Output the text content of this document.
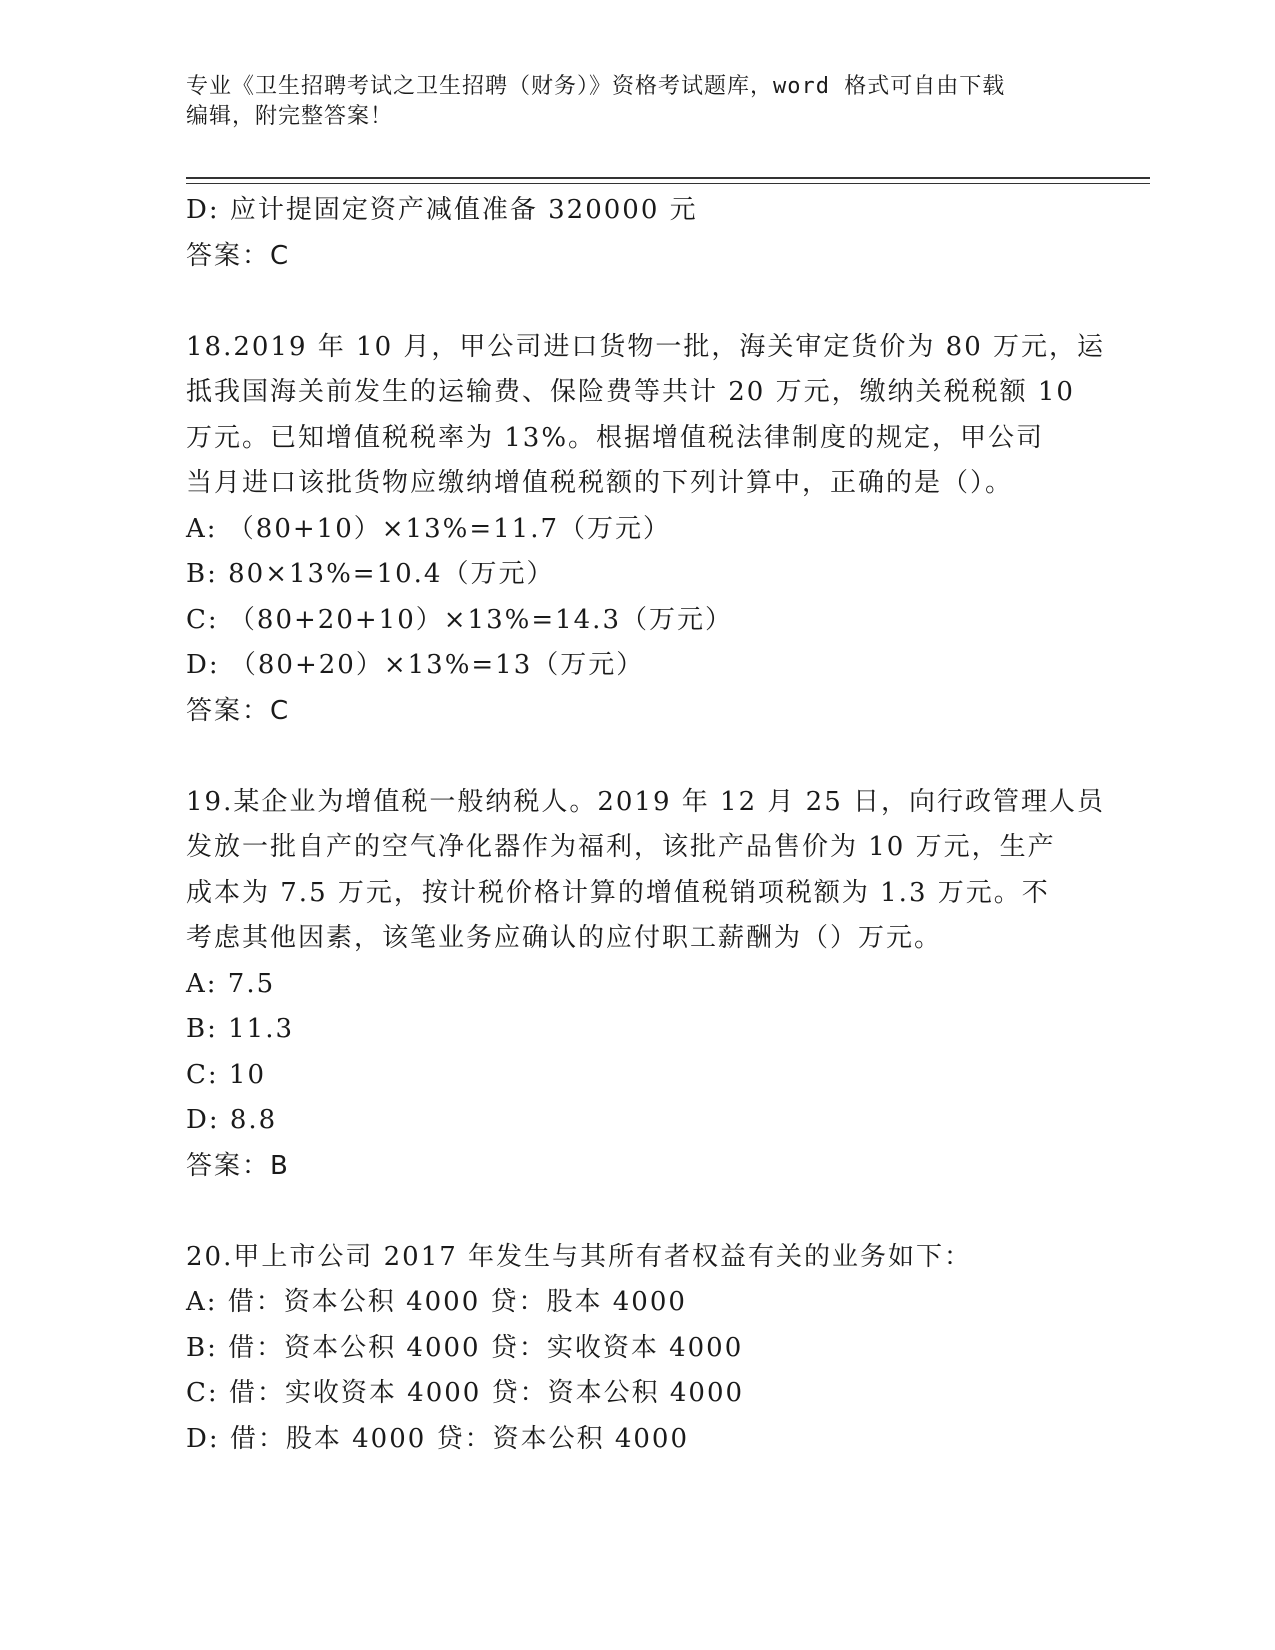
专业《卫生招聘考试之卫生招聘（财务）》资格考试题库，word 格式可自由下载
编辑，附完整答案！
D: 应计提固定资产减值准备 320000 元
答案：C
18.2019 年 10 月，甲公司进口货物一批，海关审定货价为 80 万元，运
抵我国海关前发生的运输费、保险费等共计 20 万元，缴纳关税税额 10
万元。已知增值税税率为 13%。根据增值税法律制度的规定，甲公司
当月进口该批货物应缴纳增值税税额的下列计算中，正确的是（）。
A: （80+10）×13%=11.7（万元）
B: 80×13%=10.4（万元）
C: （80+20+10）×13%=14.3（万元）
D: （80+20）×13%=13（万元）
答案：C
19.某企业为增值税一般纳税人。2019 年 12 月 25 日，向行政管理人员
发放一批自产的空气净化器作为福利，该批产品售价为 10 万元，生产
成本为 7.5 万元，按计税价格计算的增值税销项税额为 1.3 万元。不
考虑其他因素，该笔业务应确认的应付职工薪酬为（）万元。
A: 7.5
B: 11.3
C: 10
D: 8.8
答案：B
20.甲上市公司 2017 年发生与其所有者权益有关的业务如下：
A: 借：资本公积 4000 贷：股本 4000
B: 借：资本公积 4000 贷：实收资本 4000
C: 借：实收资本 4000 贷：资本公积 4000
D: 借：股本 4000 贷：资本公积 4000
